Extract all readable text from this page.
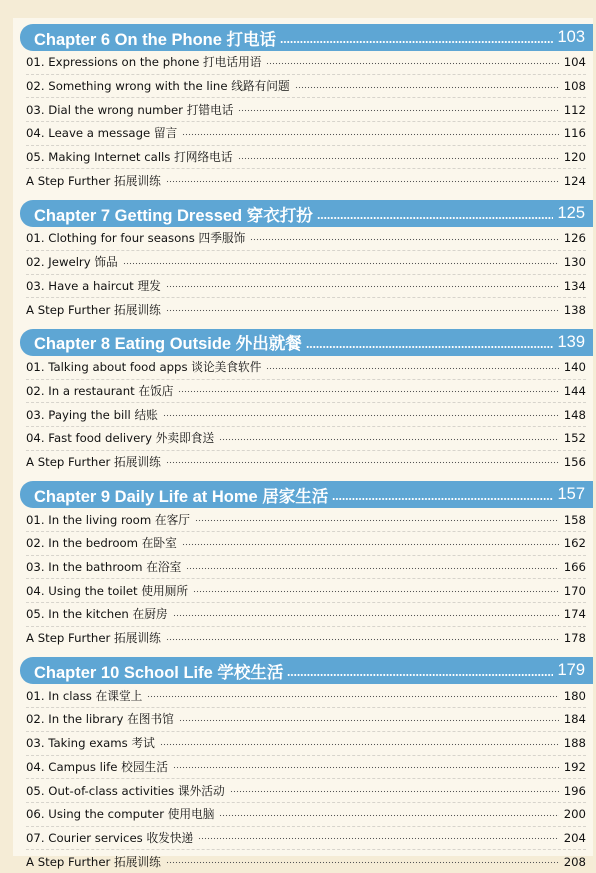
Chapter 6 On the Phone 打电话	103
01. Expressions on the phone 打电话用语	104
02. Something wrong with the line 线路有问题	108
03. Dial the wrong number 打错电话	112
04. Leave a message 留言	116
05. Making Internet calls 打网络电话	120
A Step Further 拓展训练	124
Chapter 7 Getting Dressed 穿衣打扮	125
01. Clothing for four seasons 四季服饰	126
02. Jewelry 饰品	130
03. Have a haircut 理发	134
A Step Further 拓展训练	138
Chapter 8 Eating Outside 外出就餐	139
01. Talking about food apps 谈论美食软件	140
02. In a restaurant 在饭店	144
03. Paying the bill 结账	148
04. Fast food delivery 外卖即食送	152
A Step Further 拓展训练	156
Chapter 9 Daily Life at Home 居家生活	157
01. In the living room 在客厅	158
02. In the bedroom 在卧室	162
03. In the bathroom 在浴室	166
04. Using the toilet 使用厕所	170
05. In the kitchen 在厨房	174
A Step Further 拓展训练	178
Chapter 10 School Life 学校生活	179
01. In class 在课堂上	180
02. In the library 在图书馆	184
03. Taking exams 考试	188
04. Campus life 校园生活	192
05. Out-of-class activities 课外活动	196
06. Using the computer 使用电脑	200
07. Courier services 收发快递	204
A Step Further 拓展训练	208
